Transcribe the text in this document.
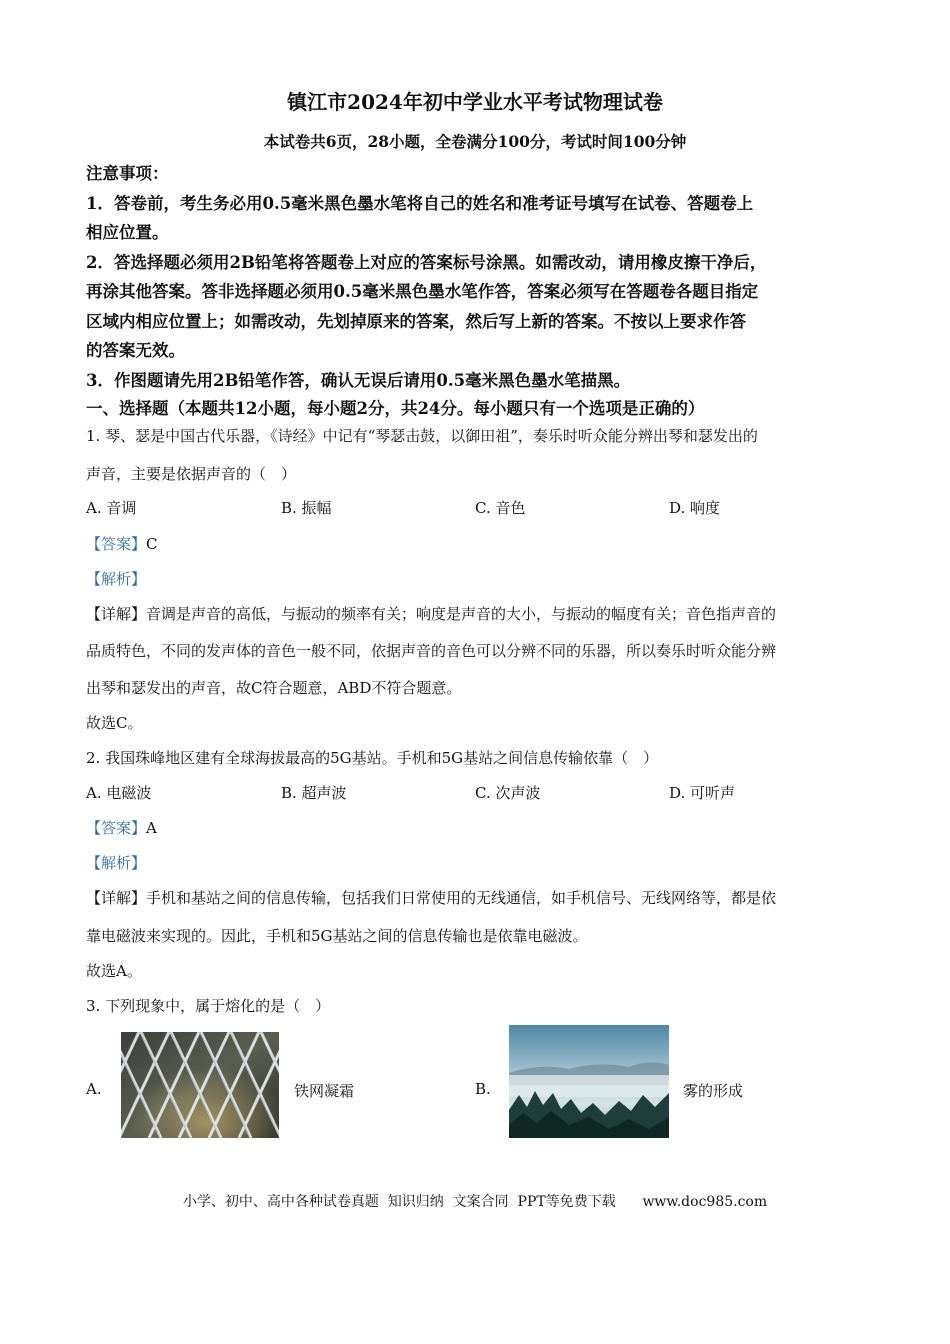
镇江市2024年初中学业水平考试物理试卷
本试卷共6页，28小题，全卷满分100分，考试时间100分钟
注意事项：
1．答卷前，考生务必用0.5毫米黑色墨水笔将自己的姓名和准考证号填写在试卷、答题卷上
相应位置。
2．答选择题必须用2B铅笔将答题卷上对应的答案标号涂黑。如需改动，请用橡皮擦干净后，
再涂其他答案。答非选择题必须用0.5毫米黑色墨水笔作答，答案必须写在答题卷各题目指定
区域内相应位置上；如需改动，先划掉原来的答案，然后写上新的答案。不按以上要求作答
的答案无效。
3．作图题请先用2B铅笔作答，确认无误后请用0.5毫米黑色墨水笔描黑。
一、选择题（本题共12小题，每小题2分，共24分。每小题只有一个选项是正确的）
1. 琴、瑟是中国古代乐器，《诗经》中记有“琴瑟击鼓，以御田祖”，奏乐时听众能分辨出琴和瑟发出的
声音，主要是依据声音的（　）
A. 音调	B. 振幅	C. 音色	D. 响度
【答案】C
【解析】
【详解】音调是声音的高低，与振动的频率有关；响度是声音的大小，与振动的幅度有关；音色指声音的
品质特色，不同的发声体的音色一般不同，依据声音的音色可以分辨不同的乐器，所以奏乐时听众能分辨
出琴和瑟发出的声音，故C符合题意，ABD不符合题意。
故选C。
2. 我国珠峰地区建有全球海拔最高的5G基站。手机和5G基站之间信息传输依靠（　）
A. 电磁波	B. 超声波	C. 次声波	D. 可听声
【答案】A
【解析】
【详解】手机和基站之间的信息传输，包括我们日常使用的无线通信，如手机信号、无线网络等，都是依
靠电磁波来实现的。因此，手机和5G基站之间的信息传输也是依靠电磁波。
故选A。
3. 下列现象中，属于熔化的是（　）
A.	铁网凝霜	B.	雾的形成
小学、初中、高中各种试卷真题  知识归纳  文案合同  PPT等免费下载      www.doc985.com
